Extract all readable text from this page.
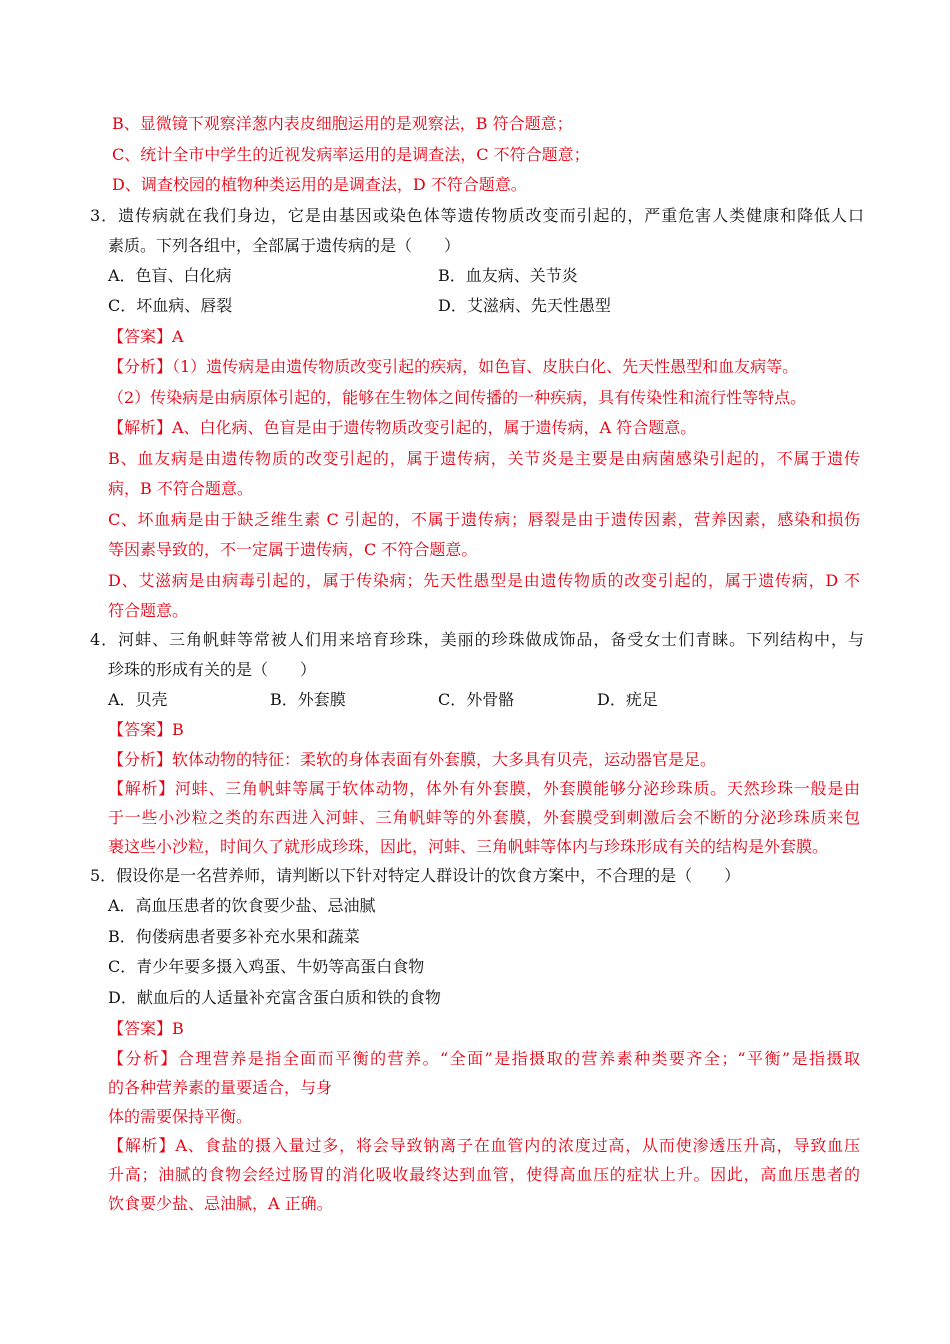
B、显微镜下观察洋葱内表皮细胞运用的是观察法，B 符合题意；
C、统计全市中学生的近视发病率运用的是调查法，C 不符合题意；
D、调查校园的植物种类运用的是调查法，D 不符合题意。
3．遗传病就在我们身边，它是由基因或染色体等遗传物质改变而引起的，严重危害人类健康和降低人口
素质。下列各组中，全部属于遗传病的是（　　）
A．色盲、白化病	B．血友病、关节炎
C．坏血病、唇裂	D．艾滋病、先天性愚型
【答案】A
【分析】（1）遗传病是由遗传物质改变引起的疾病，如色盲、皮肤白化、先天性愚型和血友病等。
（2）传染病是由病原体引起的，能够在生物体之间传播的一种疾病，具有传染性和流行性等特点。
【解析】A、白化病、色盲是由于遗传物质改变引起的，属于遗传病，A 符合题意。
B、血友病是由遗传物质的改变引起的，属于遗传病，关节炎是主要是由病菌感染引起的，不属于遗传
病，B 不符合题意。
C、坏血病是由于缺乏维生素 C 引起的，不属于遗传病；唇裂是由于遗传因素，营养因素，感染和损伤
等因素导致的，不一定属于遗传病，C 不符合题意。
D、艾滋病是由病毒引起的，属于传染病；先天性愚型是由遗传物质的改变引起的，属于遗传病，D 不
符合题意。
4．河蚌、三角帆蚌等常被人们用来培育珍珠，美丽的珍珠做成饰品，备受女士们青睐。下列结构中，与
珍珠的形成有关的是（　　）
A．贝壳	B．外套膜	C．外骨骼	D．疣足
【答案】B
【分析】软体动物的特征：柔软的身体表面有外套膜，大多具有贝壳，运动器官是足。
【解析】河蚌、三角帆蚌等属于软体动物，体外有外套膜，外套膜能够分泌珍珠质。天然珍珠一般是由
于一些小沙粒之类的东西进入河蚌、三角帆蚌等的外套膜，外套膜受到刺激后会不断的分泌珍珠质来包
裹这些小沙粒，时间久了就形成珍珠，因此，河蚌、三角帆蚌等体内与珍珠形成有关的结构是外套膜。
5．假设你是一名营养师，请判断以下针对特定人群设计的饮食方案中，不合理的是（　　）
A．高血压患者的饮食要少盐、忌油腻
B．佝偻病患者要多补充水果和蔬菜
C．青少年要多摄入鸡蛋、牛奶等高蛋白食物
D．献血后的人适量补充富含蛋白质和铁的食物
【答案】B
【分析】合理营养是指全面而平衡的营养。“全面”是指摄取的营养素种类要齐全；“平衡”是指摄取
的各种营养素的量要适合，与身
体的需要保持平衡。
【解析】A、食盐的摄入量过多，将会导致钠离子在血管内的浓度过高，从而使渗透压升高，导致血压
升高；油腻的食物会经过肠胃的消化吸收最终达到血管，使得高血压的症状上升。因此，高血压患者的
饮食要少盐、忌油腻，A 正确。
